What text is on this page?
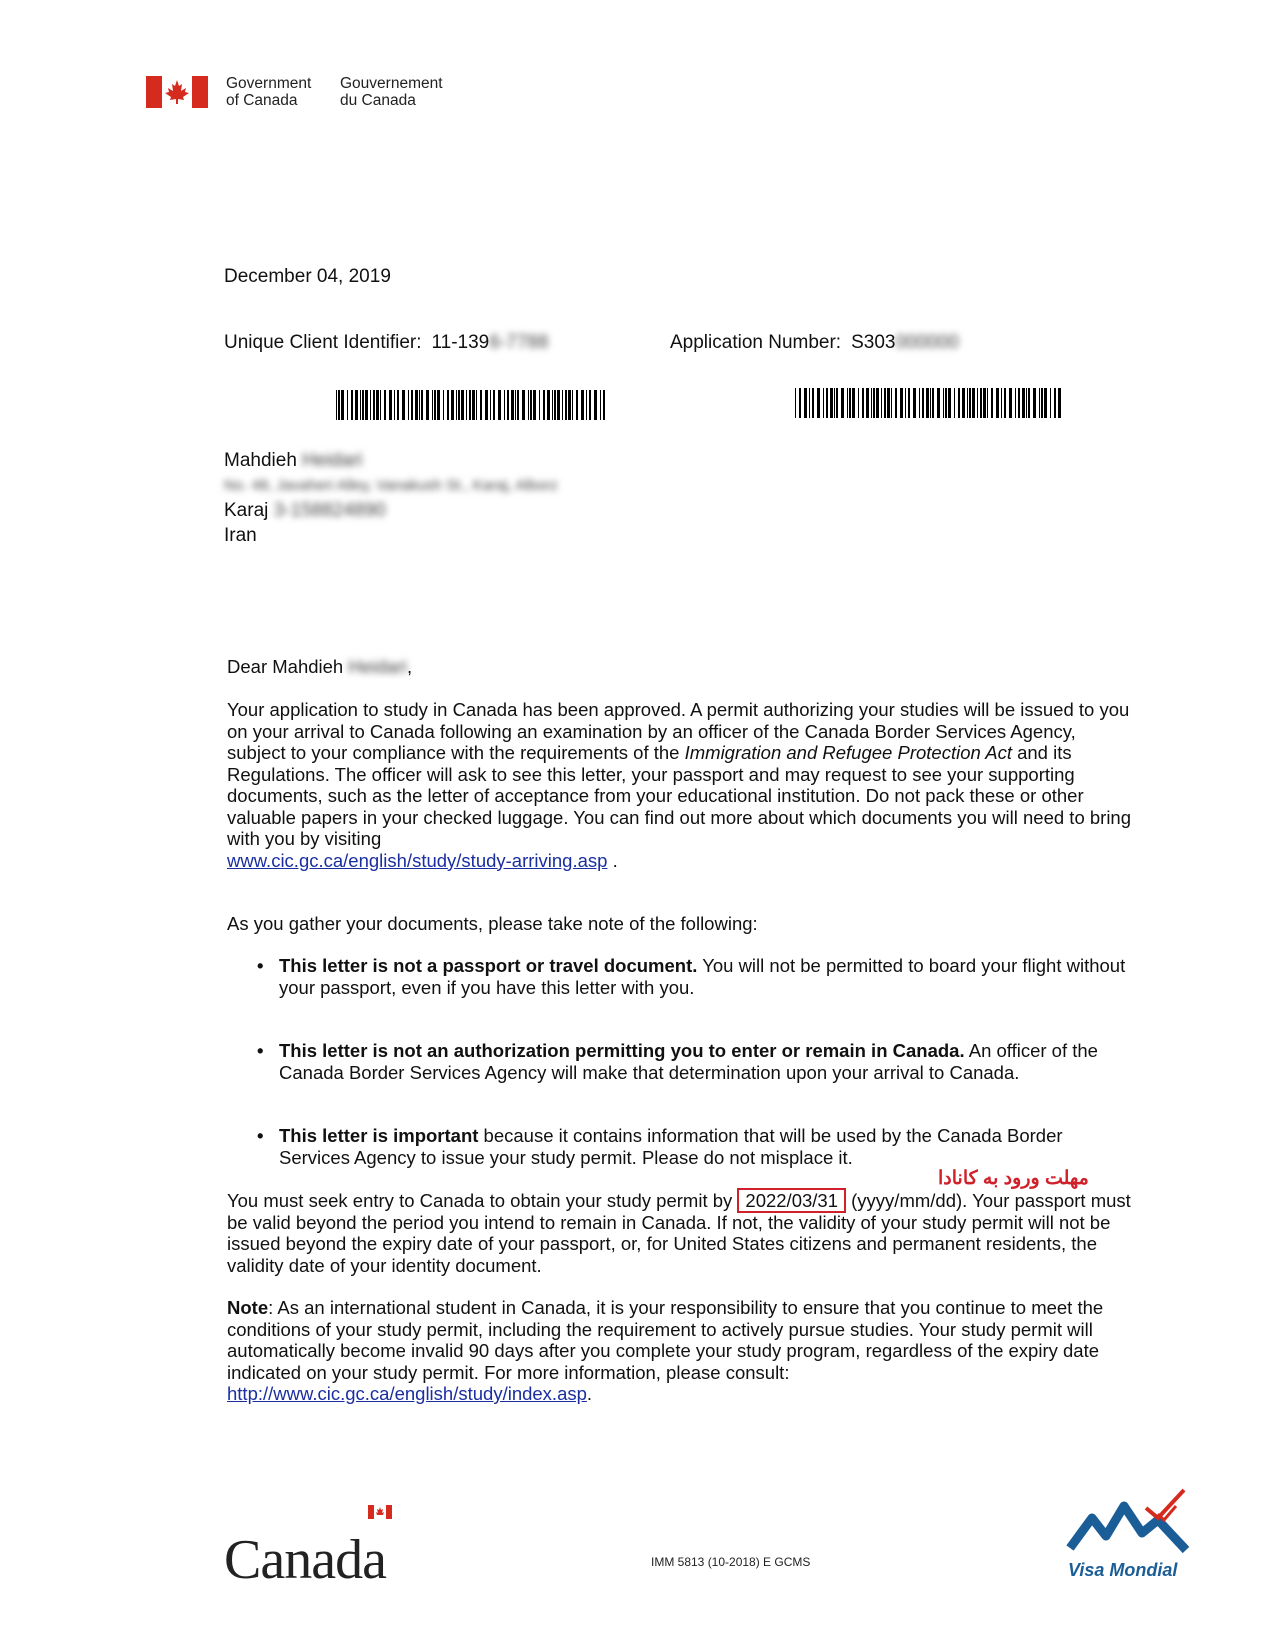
Government
of Canada
Gouvernement
du Canada
December 04, 2019
Unique Client Identifier: 11-1396-7788	Application Number: S303000000
Mahdieh Heidari
No. 48, Javaheri Alley, Vanakush St., Karaj, Alborz
Karaj 3-158824890
Iran
Dear Mahdieh Heidari,
Your application to study in Canada has been approved. A permit authorizing your studies will be issued to you on your arrival to Canada following an examination by an officer of the Canada Border Services Agency, subject to your compliance with the requirements of the Immigration and Refugee Protection Act and its Regulations. The officer will ask to see this letter, your passport and may request to see your supporting documents, such as the letter of acceptance from your educational institution. Do not pack these or other valuable papers in your checked luggage. You can find out more about which documents you will need to bring with you by visiting
www.cic.gc.ca/english/study/study-arriving.asp .
As you gather your documents, please take note of the following:
• This letter is not a passport or travel document. You will not be permitted to board your flight without
your passport, even if you have this letter with you.
• This letter is not an authorization permitting you to enter or remain in Canada. An officer of the Canada Border Services Agency will make that determination upon your arrival to Canada.
• This letter is important because it contains information that will be used by the Canada Border Services Agency to issue your study permit. Please do not misplace it.
مهلت ورود به کانادا
You must seek entry to Canada to obtain your study permit by 2022/03/31 (yyyy/mm/dd). Your passport must be valid beyond the period you intend to remain in Canada. If not, the validity of your study permit will not be issued beyond the expiry date of your passport, or, for United States citizens and permanent residents, the validity date of your identity document.
Note: As an international student in Canada, it is your responsibility to ensure that you continue to meet the conditions of your study permit, including the requirement to actively pursue studies. Your study permit will automatically become invalid 90 days after you complete your study program, regardless of the expiry date indicated on your study permit. For more information, please consult: http://www.cic.gc.ca/english/study/index.asp.
Canada	IMM 5813 (10-2018) E GCMS	Visa Mondial
